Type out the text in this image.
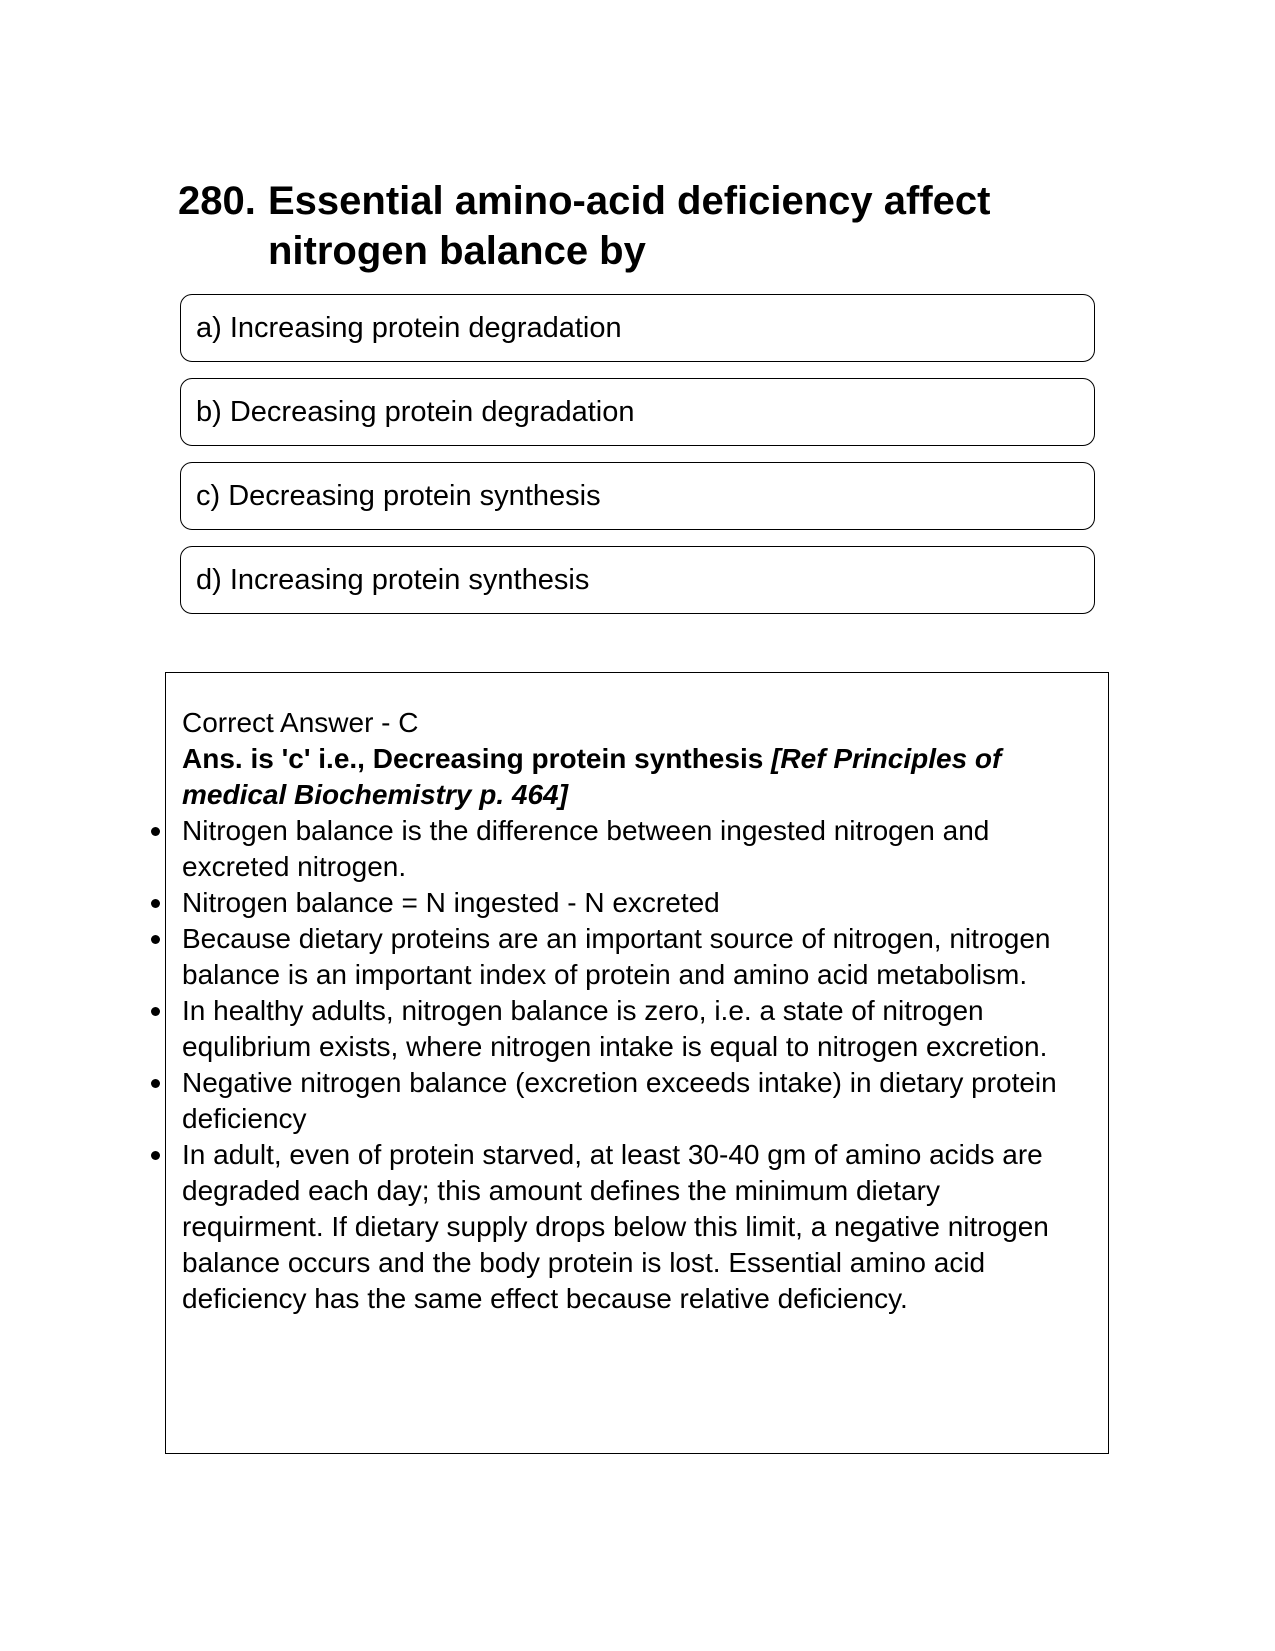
280. Essential amino-acid deficiency affect nitrogen balance by
a) Increasing protein degradation
b) Decreasing protein degradation
c) Decreasing protein synthesis
d) Increasing protein synthesis
Correct Answer - C
Ans. is 'c' i.e., Decreasing protein synthesis [Ref Principles of medical Biochemistry p. 464]
Nitrogen balance is the difference between ingested nitrogen and excreted nitrogen.
Nitrogen balance = N ingested - N excreted
Because dietary proteins are an important source of nitrogen, nitrogen balance is an important index of protein and amino acid metabolism.
In healthy adults, nitrogen balance is zero, i.e. a state of nitrogen equlibrium exists, where nitrogen intake is equal to nitrogen excretion.
Negative nitrogen balance (excretion exceeds intake) in dietary protein deficiency
In adult, even of protein starved, at least 30-40 gm of amino acids are degraded each day; this amount defines the minimum dietary requirment. If dietary supply drops below this limit, a negative nitrogen balance occurs and the body protein is lost. Essential amino acid deficiency has the same effect because relative deficiency.
